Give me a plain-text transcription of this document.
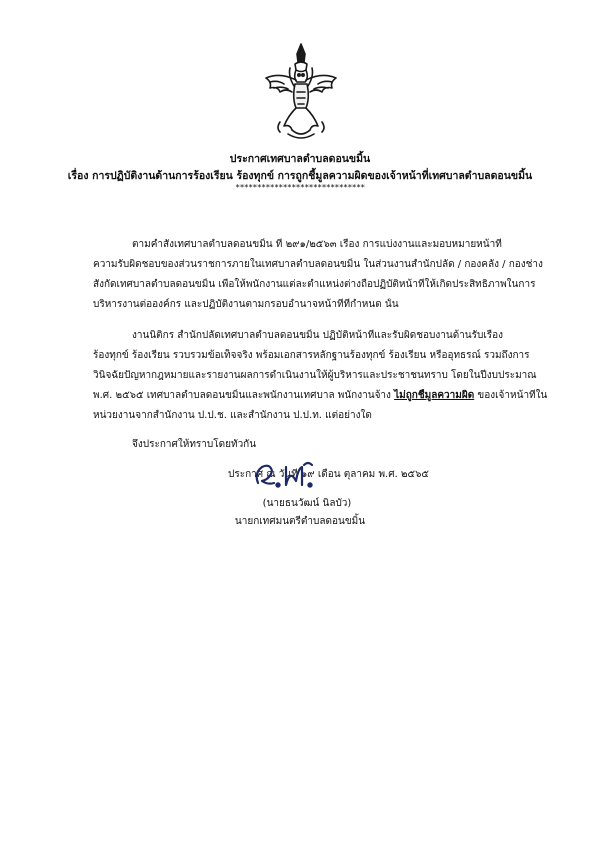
ประกาศเทศบาลตำบลดอนขมิ้น
เรื่อง การปฏิบัติงานด้านการร้องเรียน ร้องทุกข์ การถูกชี้มูลความผิดของเจ้าหน้าที่เทศบาลตำบลดอนขมิ้น
******************************
ตามคำสั่งเทศบาลตำบลดอนขมิ้น ที่ ๒๙๑/๒๕๖๓ เรื่อง การแบ่งงานและมอบหมายหน้าที่
ความรับผิดชอบของส่วนราชการภายในเทศบาลตำบลดอนขมิ้น ในส่วนงานสำนักปลัด / กองคลัง / กองช่าง
สังกัดเทศบาลตำบลดอนขมิ้น เพื่อให้พนักงานแต่ละตำแหน่งต่างถือปฏิบัติหน้าที่ให้เกิดประสิทธิภาพในการ
บริหารงานต่อองค์กร และปฏิบัติงานตามกรอบอำนาจหน้าที่ที่กำหนด นั้น
งานนิติกร สำนักปลัดเทศบาลตำบลดอนขมิ้น ปฏิบัติหน้าที่และรับผิดชอบงานด้านรับเรื่อง
ร้องทุกข์ ร้องเรียน รวบรวมข้อเท็จจริง พร้อมเอกสารหลักฐานร้องทุกข์ ร้องเรียน หรืออุทธรณ์ รวมถึงการ
วินิจฉัยปัญหากฎหมายและรายงานผลการดำเนินงานให้ผู้บริหารและประชาชนทราบ โดยในปีงบประมาณ
พ.ศ. ๒๕๖๕ เทศบาลตำบลดอนขมิ้นและพนักงานเทศบาล พนักงานจ้าง ไม่ถูกชี้มูลความผิด ของเจ้าหน้าที่ใน
หน่วยงานจากสำนักงาน ป.ป.ช. และสำนักงาน ป.ป.ท. แต่อย่างใด
จึงประกาศให้ทราบโดยทั่วกัน
ประกาศ ณ วันที่ ๑๙ เดือน ตุลาคม พ.ศ. ๒๕๖๕
(นายธนวัฒน์ นิลบัว)
นายกเทศมนตรีตำบลดอนขมิ้น
